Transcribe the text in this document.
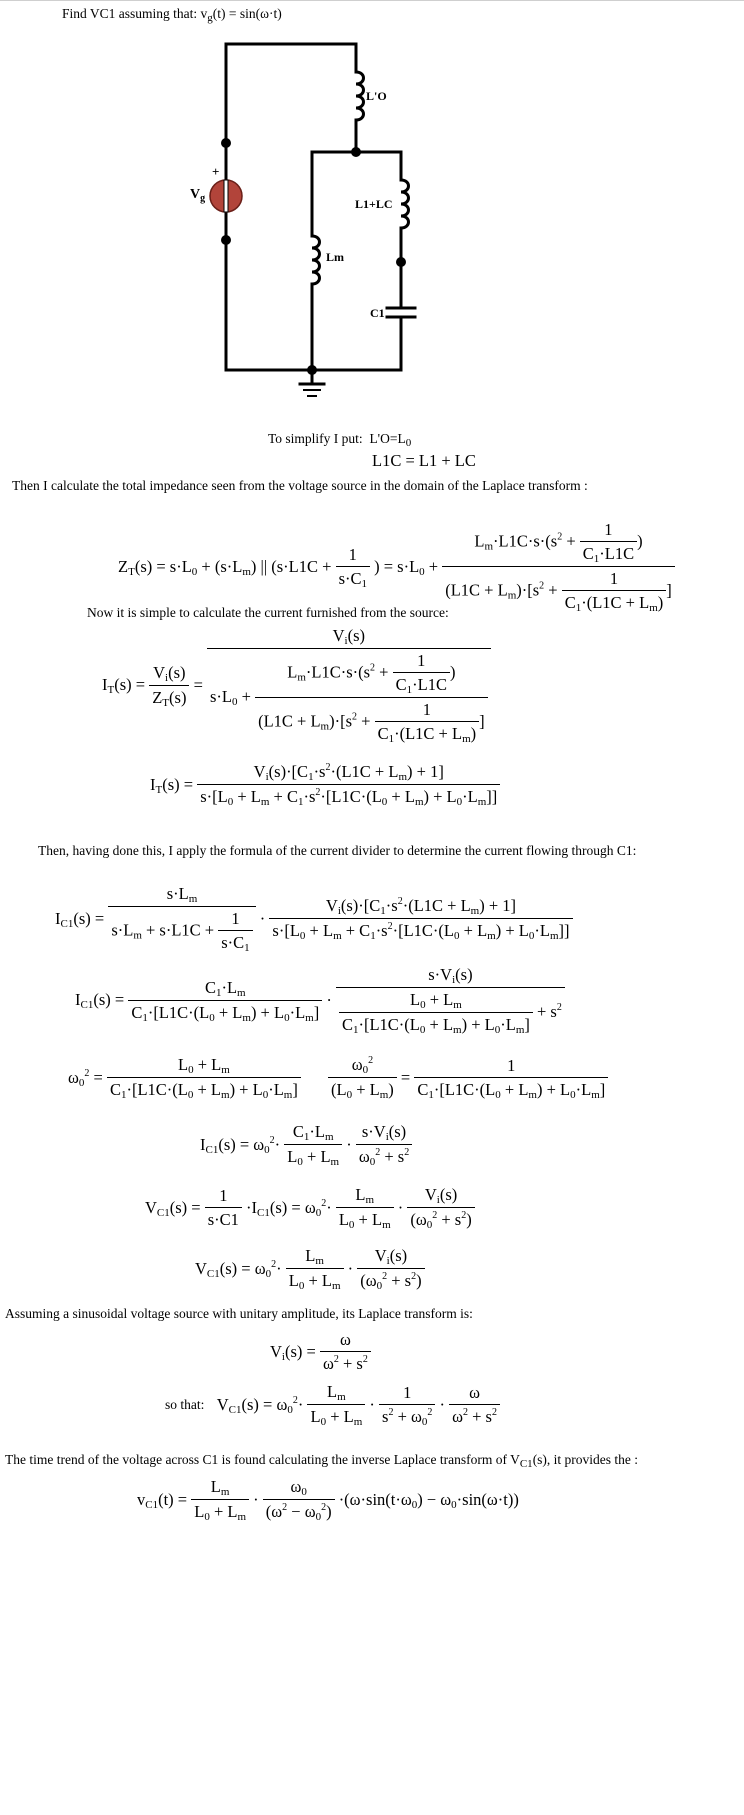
Find VC1 assuming that: $v_g(t) = \sin(\omega\cdot t)$
+
$V_g$
L'O
L1+LC
Lm
C1
To simplify I put: $L'O=L_0$
L1C = L1 + LC
Then I calculate the total impedance seen from the voltage source in the domain of the Laplace transform :
$Z_T(s) = s\cdot L_0 + (s\cdot L_m)$ || ($s\cdot L1C + \frac{1}{s\cdot C_1}$ ) = $s\cdot L_0 + \frac{L_m\cdot L1C\cdot s\cdot(s^2 + \frac{1}{C_1\cdot L1C} )}{(L1C + L_m)\cdot[s^2 + \frac{1}{C_1\cdot(L1C + L_m)} ]}$
Now it is simple to calculate the current furnished from the source:
$I_T(s) = \frac{V_i(s)}{Z_T(s)}$ =
$V_i(s)$
$s\cdot L_0 + \frac{L_m\cdot L1C\cdot s\cdot(s^2 + \frac{1}{C_1\cdot L1C} )}{(L1C + L_m)\cdot[s^2 + \frac{1}{C_1\cdot(L1C + L_m)} ]}$
$I_T(s) = \frac{V_i(s)\cdot[C_1\cdot s^2\cdot(L1C + L_m) + 1]}{s\cdot[L_0 + L_m + C_1\cdot s^2\cdot[L1C\cdot(L_0 + L_m) + L_0\cdot L_m]]}$
Then, having done this, I apply the formula of the current divider to determine the current flowing through C1:
$I_{C1}(s) = \frac{s\cdot L_m}{s\cdot L_m + s\cdot L1C + \frac{1}{s\cdot C_1}} \cdot \frac{V_i(s)\cdot[C_1\cdot s^2\cdot(L1C + L_m) + 1]}{s\cdot[L_0 + L_m + C_1\cdot s^2\cdot[L1C\cdot(L_0 + L_m) + L_0\cdot L_m]]}$
$I_{C1}(s) = \frac{C_1\cdot L_m}{C_1\cdot[L1C\cdot(L_0 + L_m) + L_0\cdot L_m]} \cdot \frac{s\cdot V_i(s)}{\frac{L_0 + L_m}{C_1\cdot[L1C\cdot(L_0 + L_m) + L_0\cdot L_m]} + s^2}$
$\omega_0^2 = \frac{L_0 + L_m}{C_1\cdot[L1C\cdot(L_0 + L_m) + L_0\cdot L_m]} \frac{\omega_0^2}{(L_0 + L_m)} = \frac{1}{C_1\cdot[L1C\cdot(L_0 + L_m) + L_0\cdot L_m]}$
$I_{C1}(s) = \omega_0^2\cdot \frac{C_1\cdot L_m}{L_0 + L_m} \cdot \frac{s\cdot V_i(s)}{\omega_0^2 + s^2}$
$V_{C1}(s) = \frac{1}{s\cdot C1} \cdot I_{C1}(s) = \omega_0^2\cdot \frac{L_m}{L_0 + L_m} \cdot \frac{V_i(s)}{(\omega_0^2 + s^2)}$
$V_{C1}(s) = \omega_0^2\cdot \frac{L_m}{L_0 + L_m} \cdot \frac{V_i(s)}{(\omega_0^2 + s^2)}$
Assuming a sinusoidal voltage source with unitary amplitude, its Laplace transform is:
$V_i(s) = \frac{\omega}{\omega^2 + s^2}$
so that:   $V_{C1}(s) = \omega_0^2\cdot \frac{L_m}{L_0 + L_m} \cdot \frac{1}{s^2 + \omega_0^2} \cdot \frac{\omega}{\omega^2 + s^2}$
The time trend of the voltage across C1 is found calculating the inverse Laplace transform of $V_{C1}(s)$, it provides the :
$v_{C1}(t) = \frac{L_m}{L_0 + L_m} \cdot \frac{\omega_0}{(\omega^2 - \omega_0^2)} \cdot(\omega\cdot\sin(t\cdot\omega_0) - \omega_0\cdot\sin(\omega\cdot t))$
